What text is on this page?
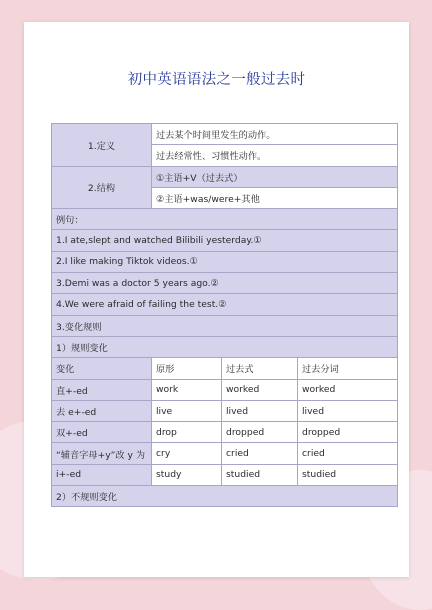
初中英语语法之一般过去时
1.定义	过去某个时间里发生的动作。		
	过去经常性、习惯性动作。		
2.结构	①主语+V（过去式）		
	②主语+was/were+其他		
例句：			
1.I ate,slept and watched Bilibili yesterday.①			
2.I like making Tiktok videos.①			
3.Demi was a doctor 5 years ago.②			
4.We were afraid of failing the test.②			
3.变化规则			
1）规则变化			
变化	原形	过去式	过去分词
直+-ed	work	worked	worked
去 e+-ed	live	lived	lived
双+-ed	drop	dropped	dropped
“辅音字母+y”改 y 为	cry	cried	cried
i+-ed	study	studied	studied
2）不规则变化			
